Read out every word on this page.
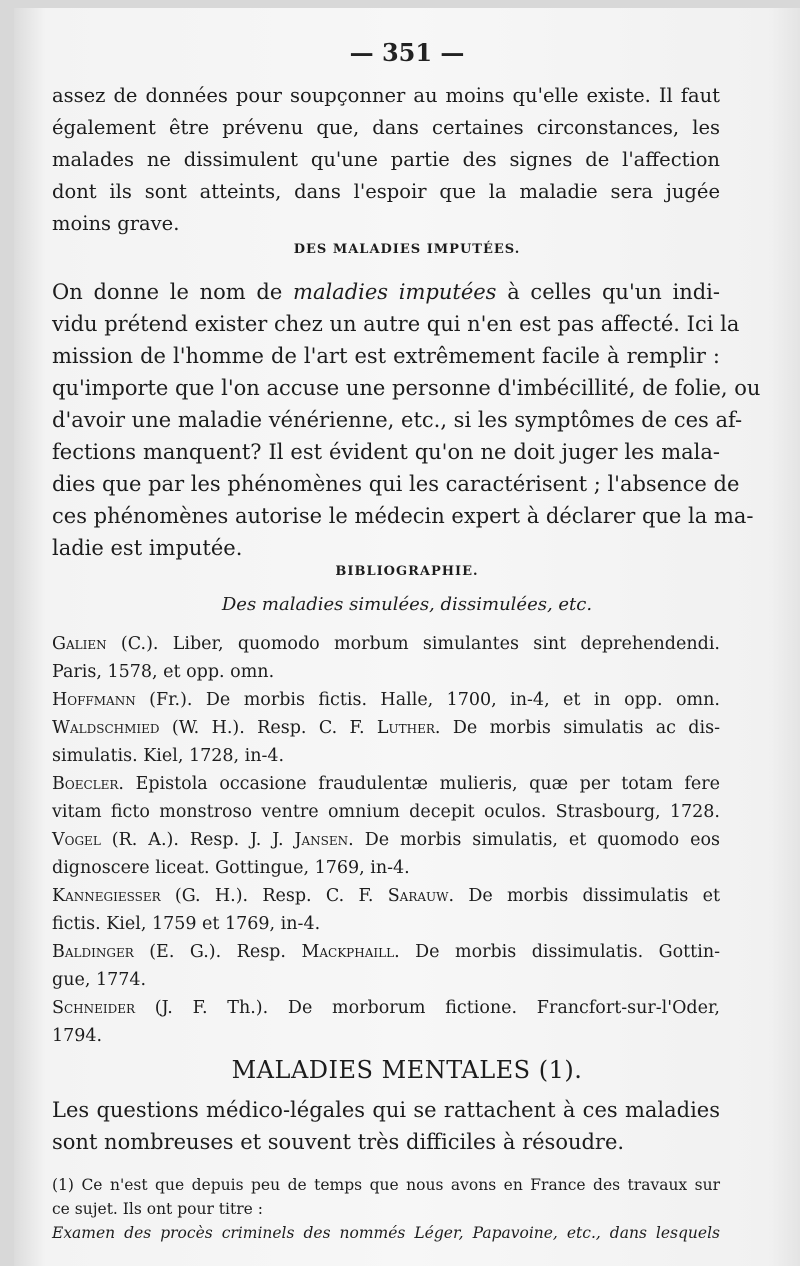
— 351 —
assez de données pour soupçonner au moins qu'elle existe. Il faut
également être prévenu que, dans certaines circonstances, les
malades ne dissimulent qu'une partie des signes de l'affection
dont ils sont atteints, dans l'espoir que la maladie sera jugée
moins grave.
DES MALADIES IMPUTÉES.
On donne le nom de maladies imputées à celles qu'un indi-
vidu prétend exister chez un autre qui n'en est pas affecté. Ici la
mission de l'homme de l'art est extrêmement facile à remplir :
qu'importe que l'on accuse une personne d'imbécillité, de folie, ou
d'avoir une maladie vénérienne, etc., si les symptômes de ces af-
fections manquent? Il est évident qu'on ne doit juger les mala-
dies que par les phénomènes qui les caractérisent ; l'absence de
ces phénomènes autorise le médecin expert à déclarer que la ma-
ladie est imputée.
BIBLIOGRAPHIE.
Des maladies simulées, dissimulées, etc.
Galien (C.). Liber, quomodo morbum simulantes sint deprehendendi.
Paris, 1578, et opp. omn.
Hoffmann (Fr.). De morbis fictis. Halle, 1700, in-4, et in opp. omn.
Waldschmied (W. H.). Resp. C. F. Luther. De morbis simulatis ac dis-
simulatis. Kiel, 1728, in-4.
Boecler. Epistola occasione fraudulentæ mulieris, quæ per totam fere
vitam ficto monstroso ventre omnium decepit oculos. Strasbourg, 1728.
Vogel (R. A.). Resp. J. J. Jansen. De morbis simulatis, et quomodo eos
dignoscere liceat. Gottingue, 1769, in-4.
Kannegiesser (G. H.). Resp. C. F. Sarauw. De morbis dissimulatis et
fictis. Kiel, 1759 et 1769, in-4.
Baldinger (E. G.). Resp. Mackphaill. De morbis dissimulatis. Gottin-
gue, 1774.
Schneider (J. F. Th.). De morborum fictione. Francfort-sur-l'Oder,
1794.
MALADIES MENTALES (1).
Les questions médico-légales qui se rattachent à ces maladies
sont nombreuses et souvent très difficiles à résoudre.
(1) Ce n'est que depuis peu de temps que nous avons en France des travaux sur
ce sujet. Ils ont pour titre :
Examen des procès criminels des nommés Léger, Papavoine, etc., dans lesquels
